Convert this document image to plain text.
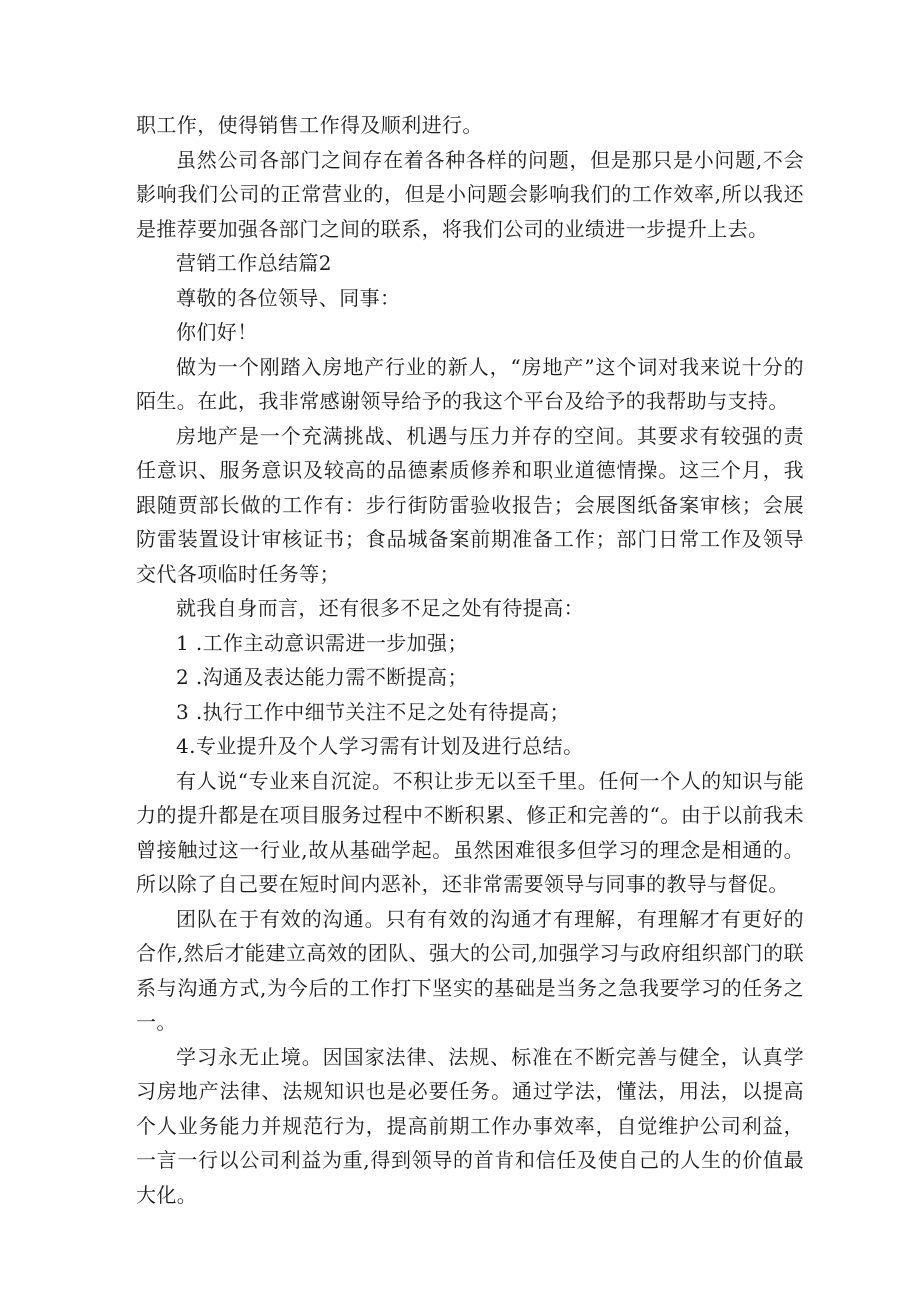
职工作，使得销售工作得及顺利进行。

虽然公司各部门之间存在着各种各样的问题，但是那只是小问题,不会影响我们公司的正常营业的，但是小问题会影响我们的工作效率,所以我还是推荐要加强各部门之间的联系，将我们公司的业绩进一步提升上去。

营销工作总结篇2

尊敬的各位领导、同事：

你们好！

做为一个刚踏入房地产行业的新人，“房地产”这个词对我来说十分的陌生。在此，我非常感谢领导给予的我这个平台及给予的我帮助与支持。

房地产是一个充满挑战、机遇与压力并存的空间。其要求有较强的责任意识、服务意识及较高的品德素质修养和职业道德情操。这三个月，我跟随贾部长做的工作有：步行街防雷验收报告；会展图纸备案审核；会展防雷装置设计审核证书；食品城备案前期准备工作；部门日常工作及领导交代各项临时任务等；

就我自身而言，还有很多不足之处有待提高：

1 .工作主动意识需进一步加强；

2 .沟通及表达能力需不断提高；

3 .执行工作中细节关注不足之处有待提高；

4.专业提升及个人学习需有计划及进行总结。

有人说“专业来自沉淀。不积让步无以至千里。任何一个人的知识与能力的提升都是在项目服务过程中不断积累、修正和完善的“。由于以前我未曾接触过这一行业,故从基础学起。虽然困难很多但学习的理念是相通的。所以除了自己要在短时间内恶补，还非常需要领导与同事的教导与督促。

团队在于有效的沟通。只有有效的沟通才有理解，有理解才有更好的合作,然后才能建立高效的团队、强大的公司,加强学习与政府组织部门的联系与沟通方式,为今后的工作打下坚实的基础是当务之急我要学习的任务之一。

学习永无止境。因国家法律、法规、标准在不断完善与健全，认真学习房地产法律、法规知识也是必要任务。通过学法，懂法，用法，以提高个人业务能力并规范行为，提高前期工作办事效率，自觉维护公司利益，一言一行以公司利益为重,得到领导的首肯和信任及使自己的人生的价值最大化。
